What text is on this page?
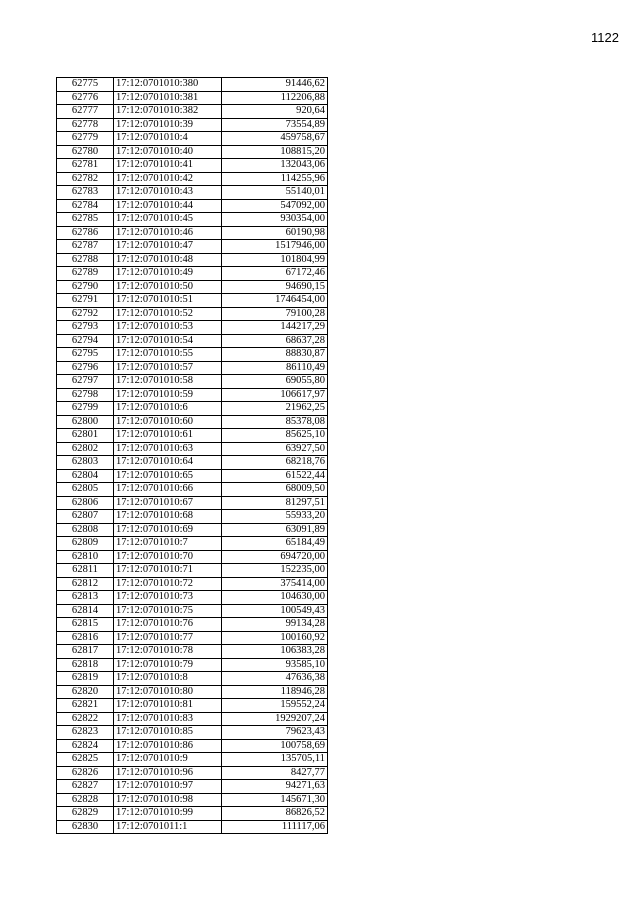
1122
62775	17:12:0701010:380	91446,62
62776	17:12:0701010:381	112206,88
62777	17:12:0701010:382	920,64
62778	17:12:0701010:39	73554,89
62779	17:12:0701010:4	459758,67
62780	17:12:0701010:40	108815,20
62781	17:12:0701010:41	132043,06
62782	17:12:0701010:42	114255,96
62783	17:12:0701010:43	55140,01
62784	17:12:0701010:44	547092,00
62785	17:12:0701010:45	930354,00
62786	17:12:0701010:46	60190,98
62787	17:12:0701010:47	1517946,00
62788	17:12:0701010:48	101804,99
62789	17:12:0701010:49	67172,46
62790	17:12:0701010:50	94690,15
62791	17:12:0701010:51	1746454,00
62792	17:12:0701010:52	79100,28
62793	17:12:0701010:53	144217,29
62794	17:12:0701010:54	68637,28
62795	17:12:0701010:55	88830,87
62796	17:12:0701010:57	86110,49
62797	17:12:0701010:58	69055,80
62798	17:12:0701010:59	106617,97
62799	17:12:0701010:6	21962,25
62800	17:12:0701010:60	85378,08
62801	17:12:0701010:61	85625,10
62802	17:12:0701010:63	63927,50
62803	17:12:0701010:64	68218,76
62804	17:12:0701010:65	61522,44
62805	17:12:0701010:66	68009,50
62806	17:12:0701010:67	81297,51
62807	17:12:0701010:68	55933,20
62808	17:12:0701010:69	63091,89
62809	17:12:0701010:7	65184,49
62810	17:12:0701010:70	694720,00
62811	17:12:0701010:71	152235,00
62812	17:12:0701010:72	375414,00
62813	17:12:0701010:73	104630,00
62814	17:12:0701010:75	100549,43
62815	17:12:0701010:76	99134,28
62816	17:12:0701010:77	100160,92
62817	17:12:0701010:78	106383,28
62818	17:12:0701010:79	93585,10
62819	17:12:0701010:8	47636,38
62820	17:12:0701010:80	118946,28
62821	17:12:0701010:81	159552,24
62822	17:12:0701010:83	1929207,24
62823	17:12:0701010:85	79623,43
62824	17:12:0701010:86	100758,69
62825	17:12:0701010:9	135705,11
62826	17:12:0701010:96	8427,77
62827	17:12:0701010:97	94271,63
62828	17:12:0701010:98	145671,30
62829	17:12:0701010:99	86826,52
62830	17:12:0701011:1	111117,06
